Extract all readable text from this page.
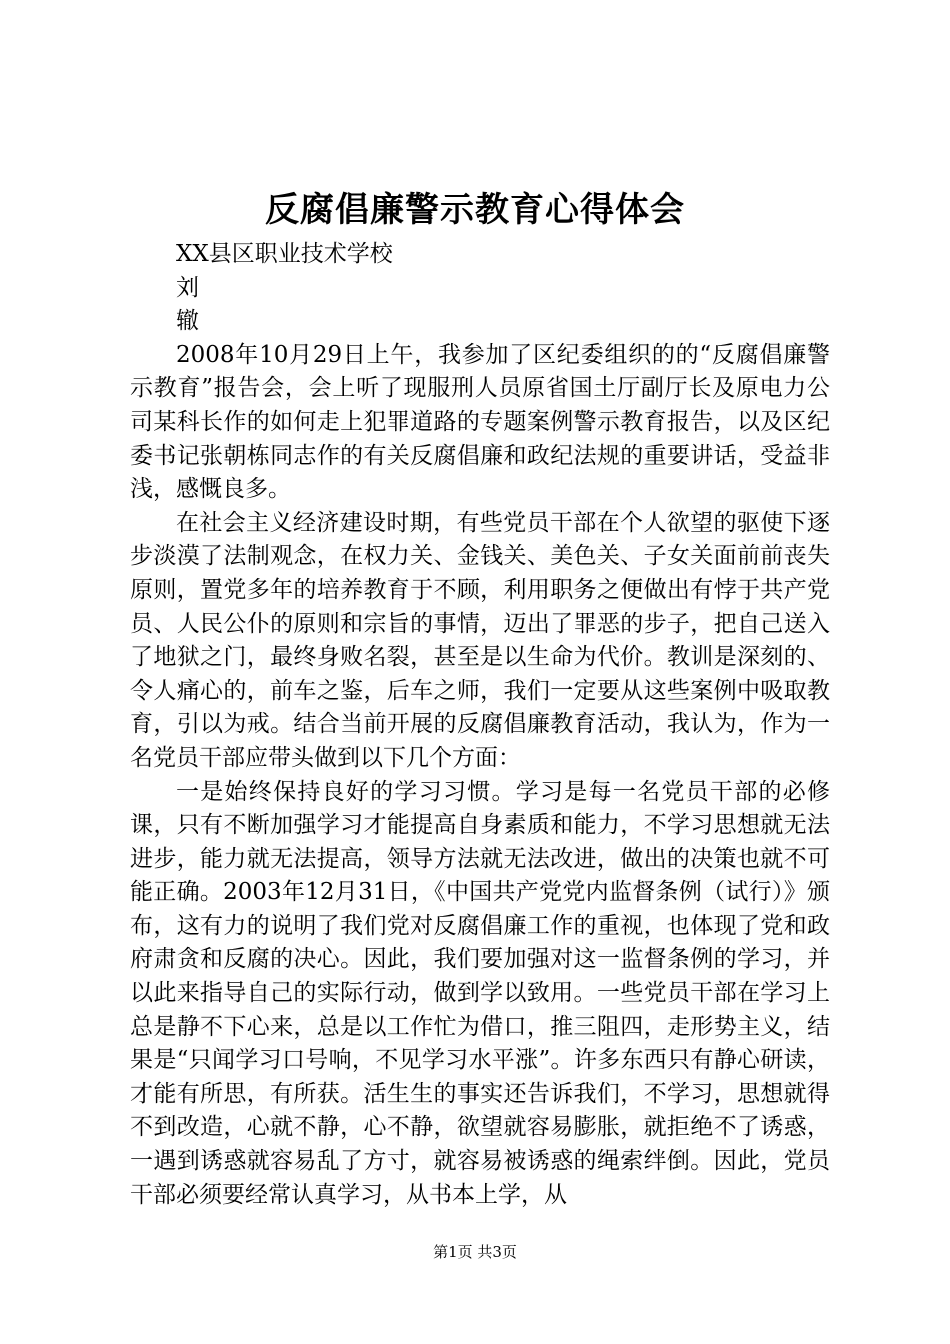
反腐倡廉警示教育心得体会

XX县区职业技术学校

刘

辙

2008年10月29日上午，我参加了区纪委组织的的“反腐倡廉警示教育”报告会，会上听了现服刑人员原省国土厅副厅长及原电力公司某科长作的如何走上犯罪道路的专题案例警示教育报告，以及区纪委书记张朝栋同志作的有关反腐倡廉和政纪法规的重要讲话，受益非浅，感慨良多。

在社会主义经济建设时期，有些党员干部在个人欲望的驱使下逐步淡漠了法制观念，在权力关、金钱关、美色关、子女关面前前丧失原则，置党多年的培养教育于不顾，利用职务之便做出有悖于共产党员、人民公仆的原则和宗旨的事情，迈出了罪恶的步子，把自己送入了地狱之门，最终身败名裂，甚至是以生命为代价。教训是深刻的、令人痛心的，前车之鉴，后车之师，我们一定要从这些案例中吸取教育，引以为戒。结合当前开展的反腐倡廉教育活动，我认为，作为一名党员干部应带头做到以下几个方面：

一是始终保持良好的学习习惯。学习是每一名党员干部的必修课，只有不断加强学习才能提高自身素质和能力，不学习思想就无法进步，能力就无法提高，领导方法就无法改进，做出的决策也就不可能正确。2003年12月31日，《中国共产党党内监督条例（试行）》颁布，这有力的说明了我们党对反腐倡廉工作的重视，也体现了党和政府肃贪和反腐的决心。因此，我们要加强对这一监督条例的学习，并以此来指导自己的实际行动，做到学以致用。一些党员干部在学习上总是静不下心来，总是以工作忙为借口，推三阻四，走形势主义，结果是“只闻学习口号响，不见学习水平涨”。许多东西只有静心研读，才能有所思，有所获。活生生的事实还告诉我们，不学习，思想就得不到改造，心就不静，心不静，欲望就容易膨胀，就拒绝不了诱惑，一遇到诱惑就容易乱了方寸，就容易被诱惑的绳索绊倒。因此，党员干部必须要经常认真学习，从书本上学，从

第1页 共3页
